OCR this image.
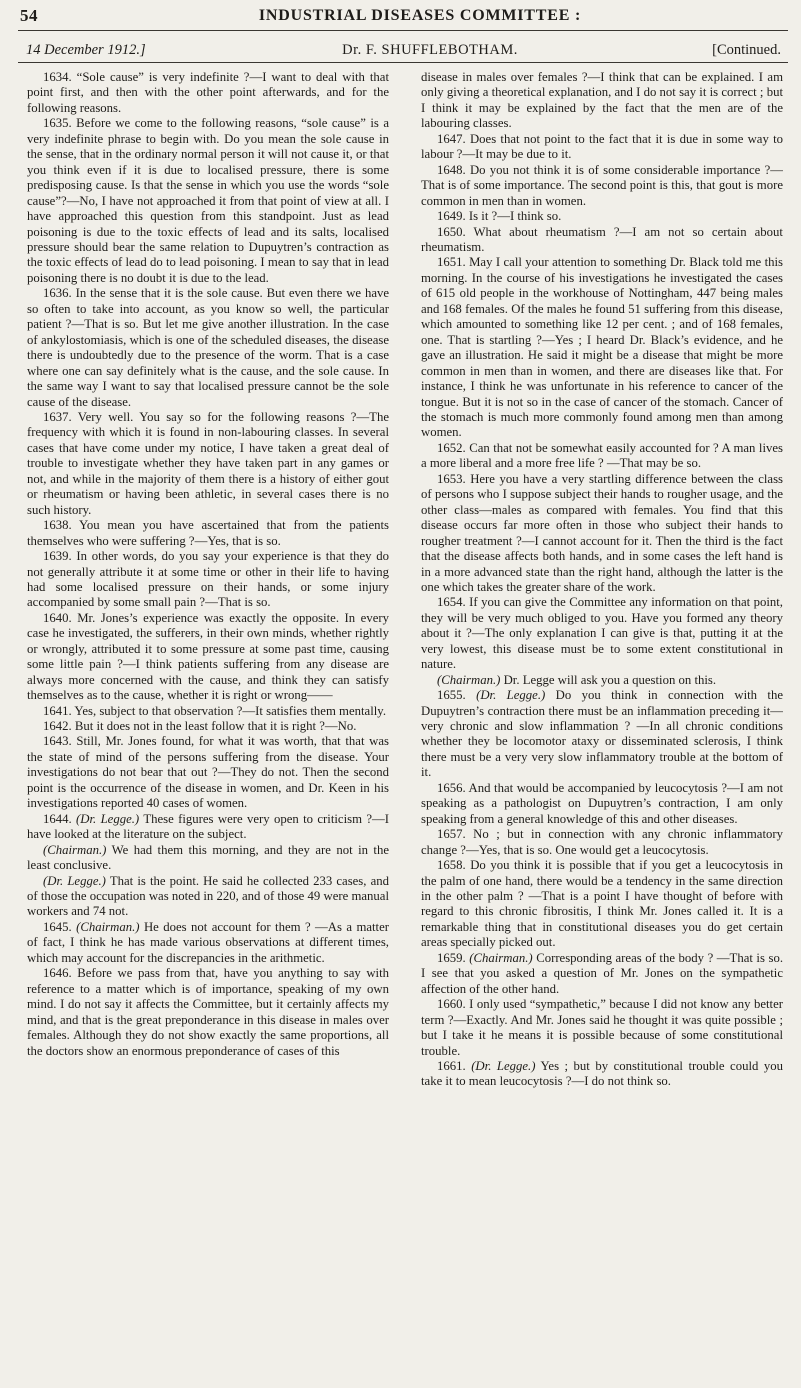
54	INDUSTRIAL DISEASES COMMITTEE :
14 December 1912.]	Dr. F. SHUFFLEBOTHAM.	[Continued.

1634. “Sole cause” is very indefinite ?—I want to deal with that point first, and then with the other point afterwards, and for the following reasons.

1635. Before we come to the following reasons, “sole cause” is a very indefinite phrase to begin with. Do you mean the sole cause in the sense, that in the ordinary normal person it will not cause it, or that you think even if it is due to localised pressure, there is some predisposing cause. Is that the sense in which you use the words “sole cause”?—No, I have not approached it from that point of view at all. I have approached this question from this standpoint. Just as lead poisoning is due to the toxic effects of lead and its salts, localised pressure should bear the same relation to Dupuytren’s contraction as the toxic effects of lead do to lead poisoning. I mean to say that in lead poisoning there is no doubt it is due to the lead.

1636. In the sense that it is the sole cause. But even there we have so often to take into account, as you know so well, the particular patient ?—That is so. But let me give another illustration. In the case of ankylostomiasis, which is one of the scheduled diseases, the disease there is undoubtedly due to the presence of the worm. That is a case where one can say definitely what is the cause, and the sole cause. In the same way I want to say that localised pressure cannot be the sole cause of the disease.

1637. Very well. You say so for the following reasons ?—The frequency with which it is found in non-labouring classes. In several cases that have come under my notice, I have taken a great deal of trouble to investigate whether they have taken part in any games or not, and while in the majority of them there is a history of either gout or rheumatism or having been athletic, in several cases there is no such history.

1638. You mean you have ascertained that from the patients themselves who were suffering ?—Yes, that is so.

1639. In other words, do you say your experience is that they do not generally attribute it at some time or other in their life to having had some localised pressure on their hands, or some injury accompanied by some small pain ?—That is so.

1640. Mr. Jones’s experience was exactly the opposite. In every case he investigated, the sufferers, in their own minds, whether rightly or wrongly, attributed it to some pressure at some past time, causing some little pain ?—I think patients suffering from any disease are always more concerned with the cause, and think they can satisfy themselves as to the cause, whether it is right or wrong——

1641. Yes, subject to that observation ?—It satisfies them mentally.

1642. But it does not in the least follow that it is right ?—No.

1643. Still, Mr. Jones found, for what it was worth, that that was the state of mind of the persons suffering from the disease. Your investigations do not bear that out ?—They do not. Then the second point is the occurrence of the disease in women, and Dr. Keen in his investigations reported 40 cases of women.

1644. (Dr. Legge.) These figures were very open to criticism ?—I have looked at the literature on the subject.

(Chairman.) We had them this morning, and they are not in the least conclusive.

(Dr. Legge.) That is the point. He said he collected 233 cases, and of those the occupation was noted in 220, and of those 49 were manual workers and 74 not.

1645. (Chairman.) He does not account for them ? —As a matter of fact, I think he has made various observations at different times, which may account for the discrepancies in the arithmetic.

1646. Before we pass from that, have you anything to say with reference to a matter which is of importance, speaking of my own mind. I do not say it affects the Committee, but it certainly affects my mind, and that is the great preponderance in this disease in males over females. Although they do not show exactly the same proportions, all the doctors show an enormous preponderance of cases of this

disease in males over females ?—I think that can be explained. I am only giving a theoretical explanation, and I do not say it is correct ; but I think it may be explained by the fact that the men are of the labouring classes.

1647. Does that not point to the fact that it is due in some way to labour ?—It may be due to it.

1648. Do you not think it is of some considerable importance ?—That is of some importance. The second point is this, that gout is more common in men than in women.

1649. Is it ?—I think so.

1650. What about rheumatism ?—I am not so certain about rheumatism.

1651. May I call your attention to something Dr. Black told me this morning. In the course of his investigations he investigated the cases of 615 old people in the workhouse of Nottingham, 447 being males and 168 females. Of the males he found 51 suffering from this disease, which amounted to something like 12 per cent. ; and of 168 females, one. That is startling ?—Yes ; I heard Dr. Black’s evidence, and he gave an illustration. He said it might be a disease that might be more common in men than in women, and there are diseases like that. For instance, I think he was unfortunate in his reference to cancer of the tongue. But it is not so in the case of cancer of the stomach. Cancer of the stomach is much more commonly found among men than among women.

1652. Can that not be somewhat easily accounted for ? A man lives a more liberal and a more free life ? —That may be so.

1653. Here you have a very startling difference between the class of persons who I suppose subject their hands to rougher usage, and the other class—males as compared with females. You find that this disease occurs far more often in those who subject their hands to rougher treatment ?—I cannot account for it. Then the third is the fact that the disease affects both hands, and in some cases the left hand is in a more advanced state than the right hand, although the latter is the one which takes the greater share of the work.

1654. If you can give the Committee any information on that point, they will be very much obliged to you. Have you formed any theory about it ?—The only explanation I can give is that, putting it at the very lowest, this disease must be to some extent constitutional in nature.

(Chairman.) Dr. Legge will ask you a question on this.

1655. (Dr. Legge.) Do you think in connection with the Dupuytren’s contraction there must be an inflammation preceding it—very chronic and slow inflammation ? —In all chronic conditions whether they be locomotor ataxy or disseminated sclerosis, I think there must be a very very slow inflammatory trouble at the bottom of it.

1656. And that would be accompanied by leucocytosis ?—I am not speaking as a pathologist on Dupuytren’s contraction, I am only speaking from a general knowledge of this and other diseases.

1657. No ; but in connection with any chronic inflammatory change ?—Yes, that is so. One would get a leucocytosis.

1658. Do you think it is possible that if you get a leucocytosis in the palm of one hand, there would be a tendency in the same direction in the other palm ? —That is a point I have thought of before with regard to this chronic fibrositis, I think Mr. Jones called it. It is a remarkable thing that in constitutional diseases you do get certain areas specially picked out.

1659. (Chairman.) Corresponding areas of the body ? —That is so. I see that you asked a question of Mr. Jones on the sympathetic affection of the other hand.

1660. I only used “sympathetic,” because I did not know any better term ?—Exactly. And Mr. Jones said he thought it was quite possible ; but I take it he means it is possible because of some constitutional trouble.

1661. (Dr. Legge.) Yes ; but by constitutional trouble could you take it to mean leucocytosis ?—I do not think so.
